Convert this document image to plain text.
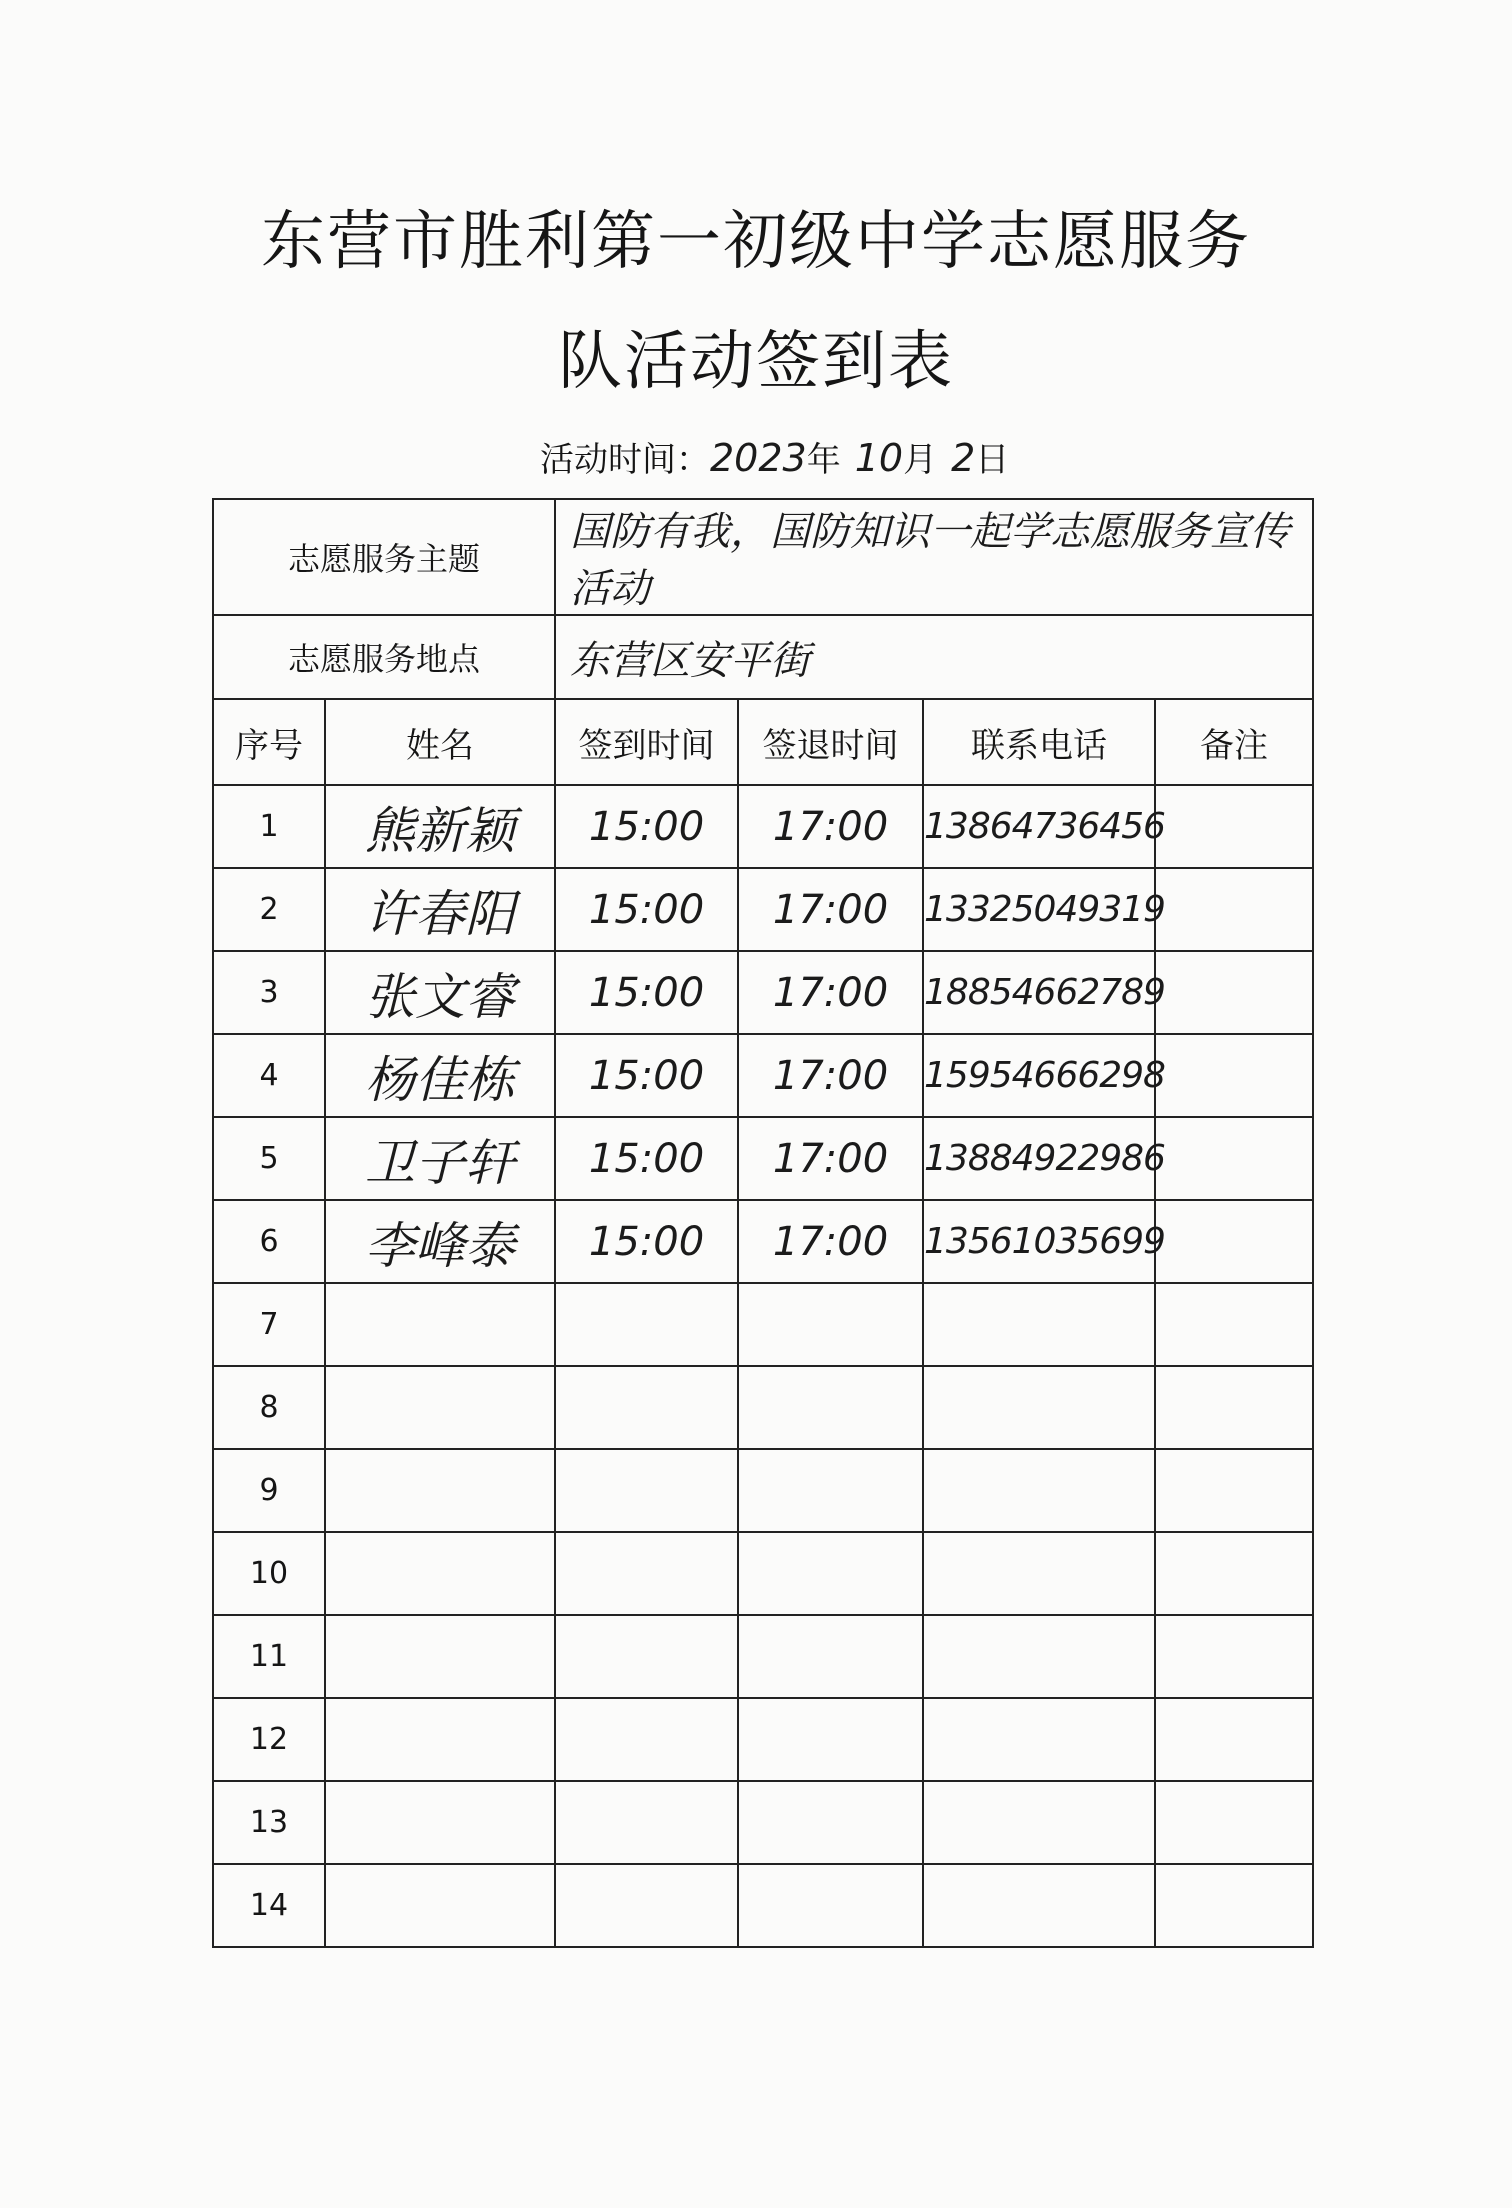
东营市胜利第一初级中学志愿服务
队活动签到表
活动时间：2023年 10月 2日
志愿服务主题		国防有我，国防知识一起学志愿服务宣传活动			
志愿服务地点		东营区安平街			
序号	姓名	签到时间	签退时间	联系电话	备注
1	熊新颖	15:00	17:00	13864736456	
2	许春阳	15:00	17:00	13325049319	
3	张文睿	15:00	17:00	18854662789	
4	杨佳栋	15:00	17:00	15954666298	
5	卫子轩	15:00	17:00	13884922986	
6	李峰泰	15:00	17:00	13561035699	
7					
8					
9					
10					
11					
12					
13					
14					
